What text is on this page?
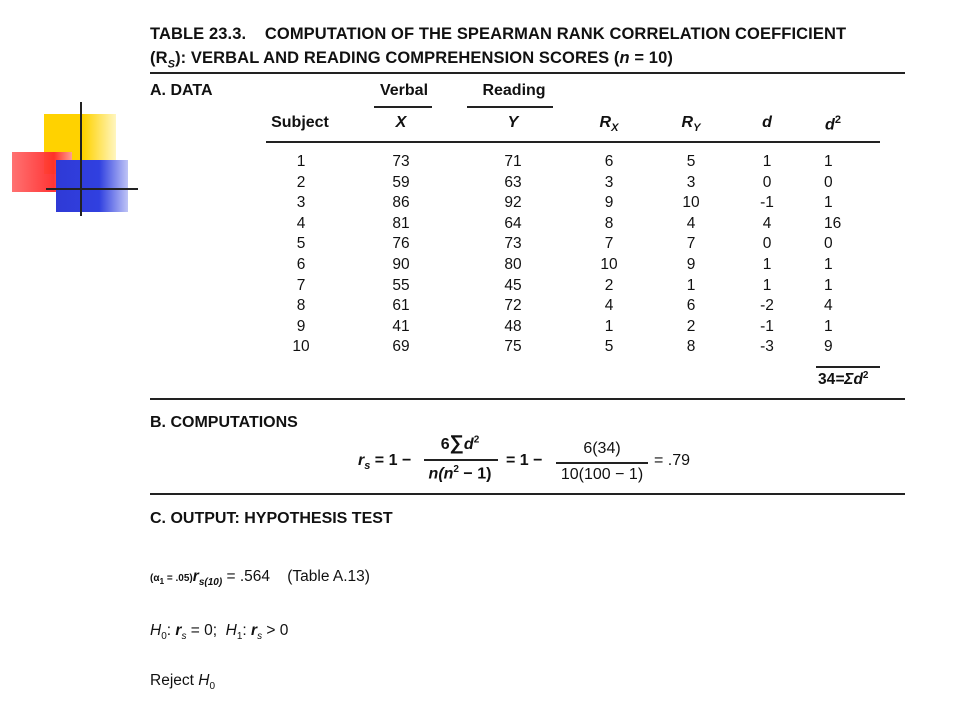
TABLE 23.3.    COMPUTATION OF THE SPEARMAN RANK CORRELATION COEFFICIENT
$(R_S)$: VERBAL AND READING COMPREHENSION SCORES (n = 10)
A. DATA	Verbal	Reading
Subject	X	Y	$R_X$	$R_Y$	d	$d^2$
1	73	71	6	5	1	1
2	59	63	3	3	0	0
3	86	92	9	10	-1	1
4	81	64	8	4	4	16
5	76	73	7	7	0	0
6	90	80	10	9	1	1
7	55	45	2	1	1	1
8	61	72	4	6	-2	4
9	41	48	1	2	-1	1
10	69	75	5	8	-3	9
$34=\Sigma d^2$
B. COMPUTATIONS
$r_s = 1$ −
$6\sum d^2$
$n(n^2 - 1)$
= 1 −
6(34)
10(100 − 1)
= .79
C. OUTPUT: HYPOTHESIS TEST
$(\alpha_1 = .05)r_{s(10)} = .564$ (Table A.13)
$H_0$: $r_s = 0$;  $H_1$: $r_s > 0$
Reject $H_0$
